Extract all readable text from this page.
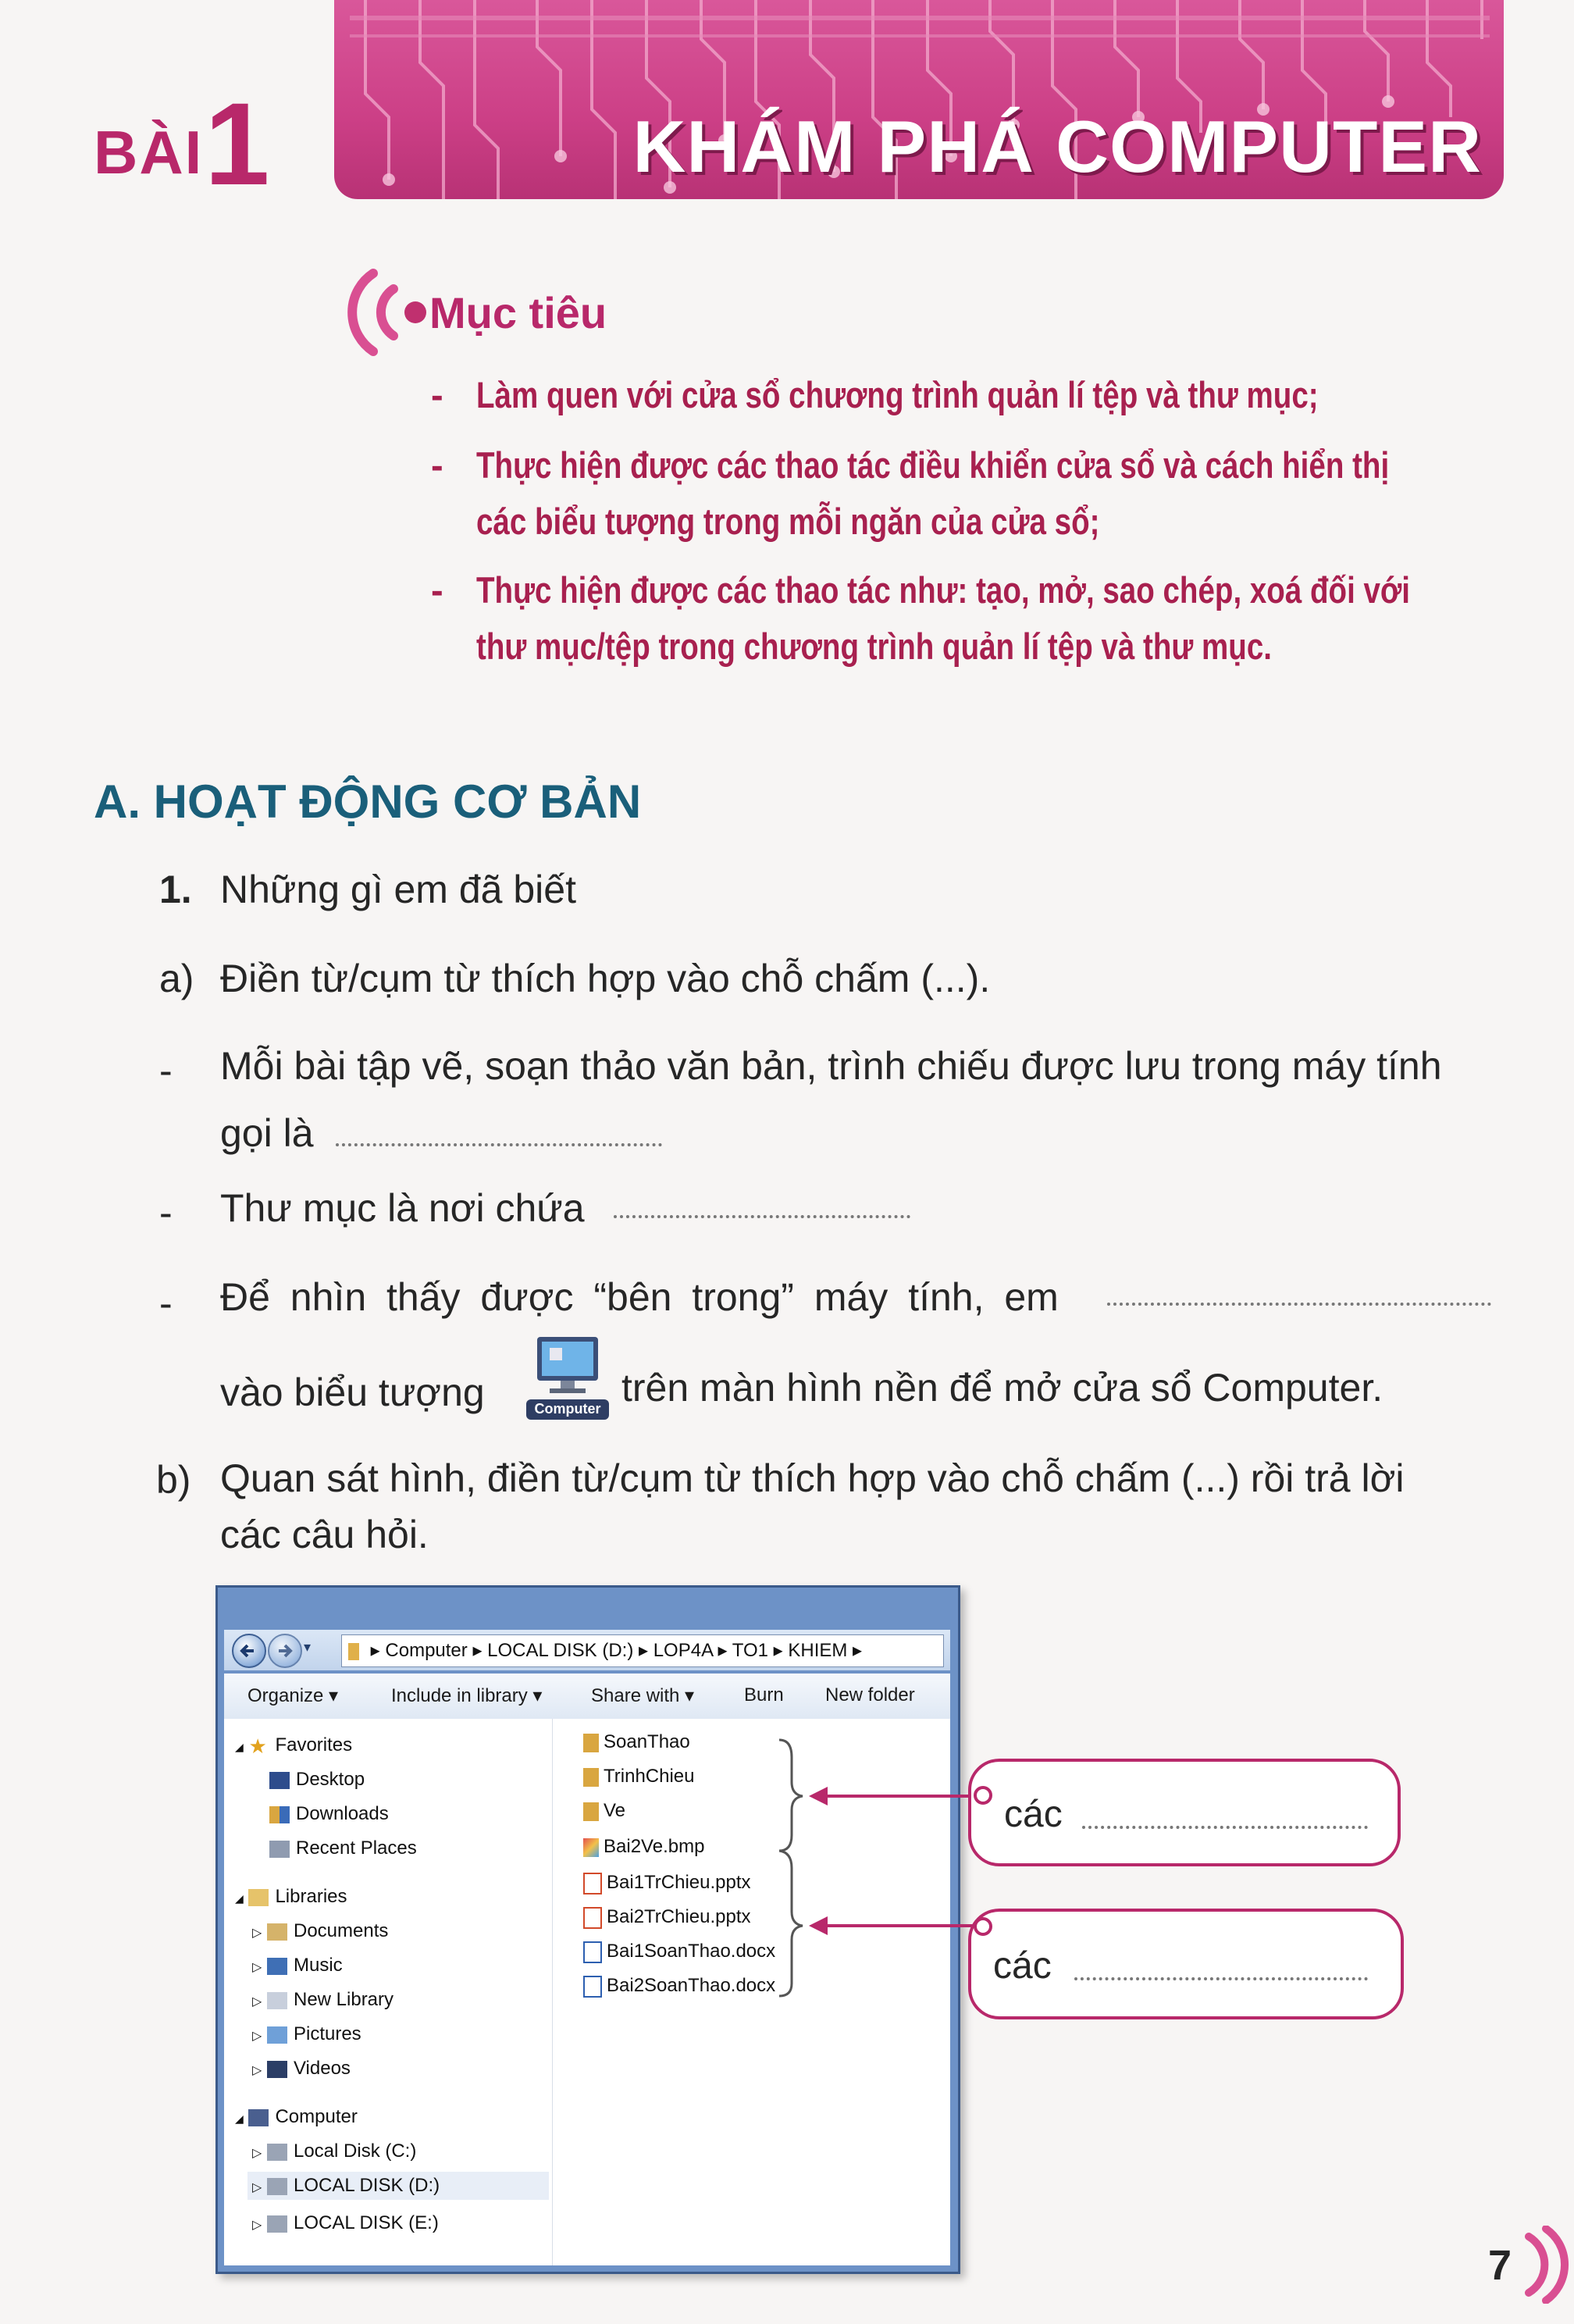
BÀI 1	KHÁM PHÁ COMPUTER
Mục tiêu
- Làm quen với cửa sổ chương trình quản lí tệp và thư mục;
- Thực hiện được các thao tác điều khiển cửa sổ và cách hiển thị
các biểu tượng trong mỗi ngăn của cửa sổ;
- Thực hiện được các thao tác như: tạo, mở, sao chép, xoá đối với
thư mục/tệp trong chương trình quản lí tệp và thư mục.
A. HOẠT ĐỘNG CƠ BẢN
1. Những gì em đã biết
a) Điền từ/cụm từ thích hợp vào chỗ chấm (...).
- Mỗi bài tập vẽ, soạn thảo văn bản, trình chiếu được lưu trong máy tính
gọi là
- Thư mục là nơi chứa
- Để nhìn thấy được “bên trong” máy tính, em
vào biểu tượng	Computer trên màn hình nền để mở cửa sổ Computer.
b) Quan sát hình, điền từ/cụm từ thích hợp vào chỗ chấm (...) rồi trả lời
các câu hỏi.
▾	▸ Computer ▸ LOCAL DISK (D:) ▸ LOP4A ▸ TO1 ▸ KHIEM ▸
Organize ▾	Include in library ▾	Share with ▾	Burn New folder
◢ ★ Favorites
Desktop
Downloads
Recent Places
◢ Libraries
▷ Documents
▷ Music
▷ New Library
▷ Pictures
▷ Videos
◢ Computer
▷ Local Disk (C:)
▷ LOCAL DISK (D:)
▷ LOCAL DISK (E:)
SoanThao
TrinhChieu
Ve
Bai2Ve.bmp
Bai1TrChieu.pptx
Bai2TrChieu.pptx
Bai1SoanThao.docx
Bai2SoanThao.docx
các
các
7
